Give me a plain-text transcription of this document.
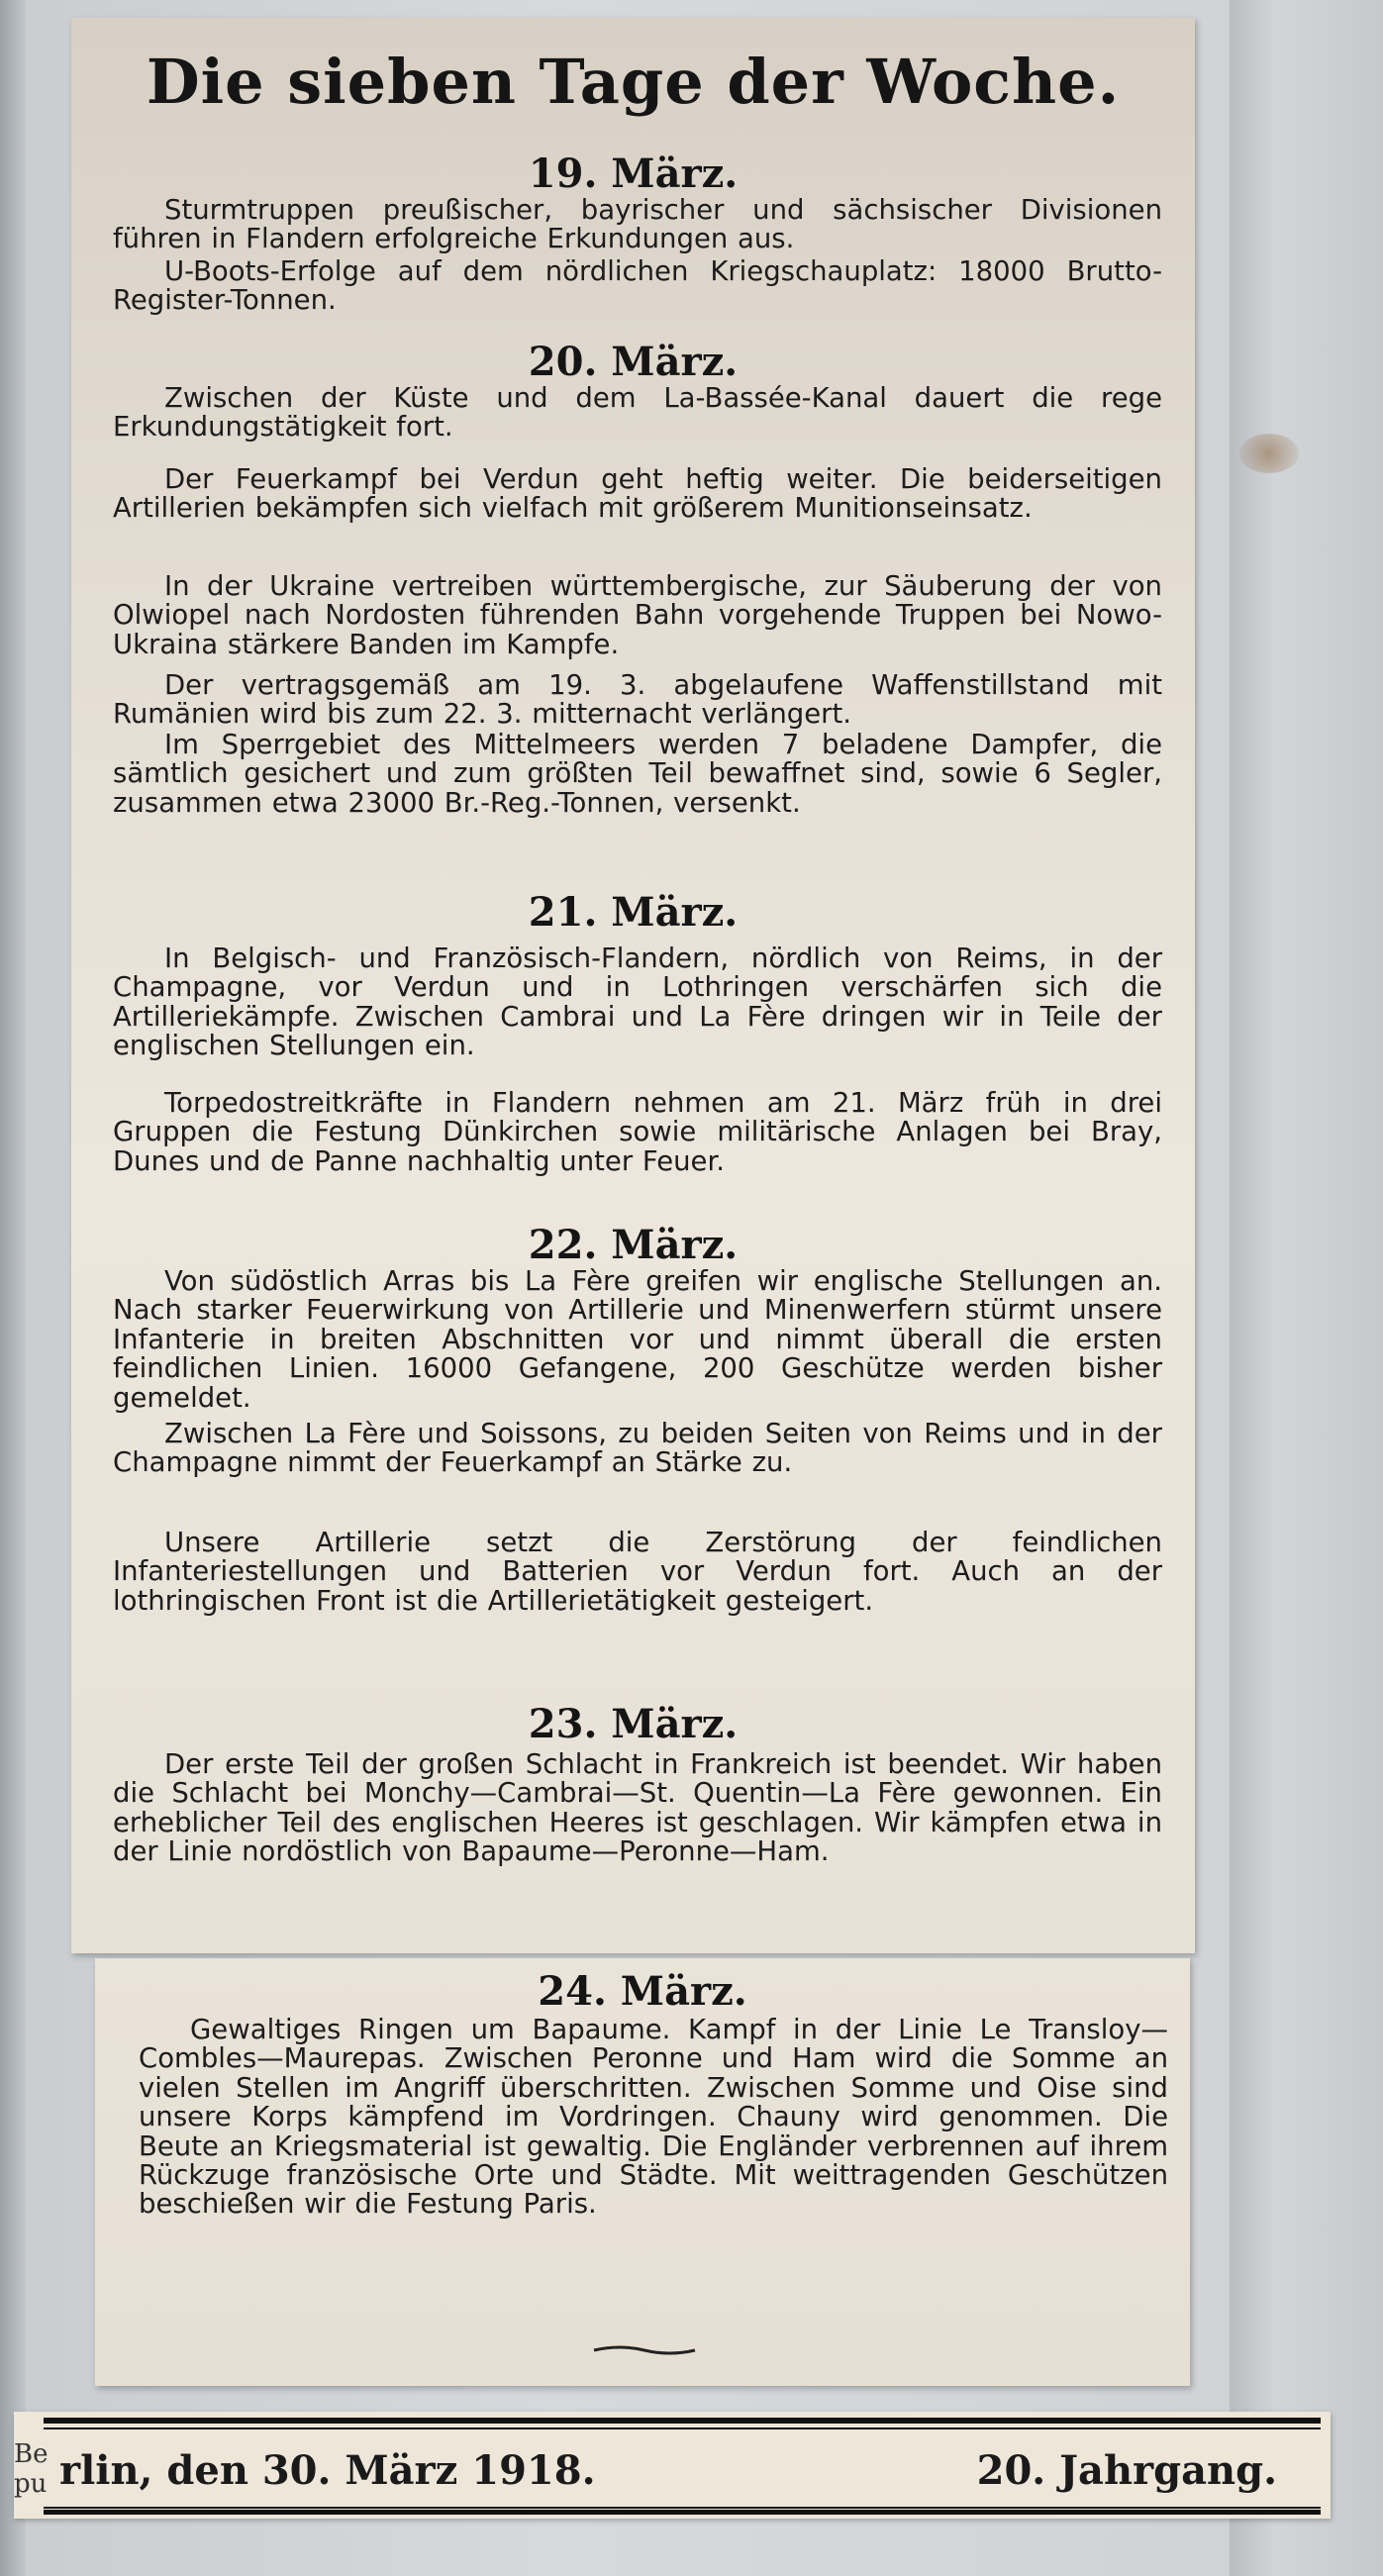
Die sieben Tage der Woche.
19. März.
Sturmtruppen preußischer, bayrischer und sächsischer Divisionen führen in Flandern erfolgreiche Erkundungen aus.
U-Boots-Erfolge auf dem nördlichen Kriegschauplatz: 18000 Brutto-Register-Tonnen.
20. März.
Zwischen der Küste und dem La-Bassée-Kanal dauert die rege Erkundungstätigkeit fort.
Der Feuerkampf bei Verdun geht heftig weiter. Die beiderseitigen Artillerien bekämpfen sich vielfach mit größerem Munitionseinsatz.
In der Ukraine vertreiben württembergische, zur Säuberung der von Olwiopel nach Nordosten führenden Bahn vorgehende Truppen bei Nowo-Ukraina stärkere Banden im Kampfe.
Der vertragsgemäß am 19. 3. abgelaufene Waffenstillstand mit Rumänien wird bis zum 22. 3. mitternacht verlängert.
Im Sperrgebiet des Mittelmeers werden 7 beladene Dampfer, die sämtlich gesichert und zum größten Teil bewaffnet sind, sowie 6 Segler, zusammen etwa 23000 Br.-Reg.-Tonnen, versenkt.
21. März.
In Belgisch- und Französisch-Flandern, nördlich von Reims, in der Champagne, vor Verdun und in Lothringen verschärfen sich die Artilleriekämpfe. Zwischen Cambrai und La Fère dringen wir in Teile der englischen Stellungen ein.
Torpedostreitkräfte in Flandern nehmen am 21. März früh in drei Gruppen die Festung Dünkirchen sowie militärische Anlagen bei Bray, Dunes und de Panne nachhaltig unter Feuer.
22. März.
Von südöstlich Arras bis La Fère greifen wir englische Stellungen an. Nach starker Feuerwirkung von Artillerie und Minenwerfern stürmt unsere Infanterie in breiten Abschnitten vor und nimmt überall die ersten feindlichen Linien. 16000 Gefangene, 200 Geschütze werden bisher gemeldet.
Zwischen La Fère und Soissons, zu beiden Seiten von Reims und in der Champagne nimmt der Feuerkampf an Stärke zu.
Unsere Artillerie setzt die Zerstörung der feindlichen Infanteriestellungen und Batterien vor Verdun fort. Auch an der lothringischen Front ist die Artillerietätigkeit gesteigert.
23. März.
Der erste Teil der großen Schlacht in Frankreich ist beendet. Wir haben die Schlacht bei Monchy—Cambrai—St. Quentin—La Fère gewonnen. Ein erheblicher Teil des englischen Heeres ist geschlagen. Wir kämpfen etwa in der Linie nordöstlich von Bapaume—Peronne—Ham.
24. März.
Gewaltiges Ringen um Bapaume. Kampf in der Linie Le Transloy—Combles—Maurepas. Zwischen Peronne und Ham wird die Somme an vielen Stellen im Angriff überschritten. Zwischen Somme und Oise sind unsere Korps kämpfend im Vordringen. Chauny wird genommen. Die Beute an Kriegsmaterial ist gewaltig. Die Engländer verbrennen auf ihrem Rückzuge französische Orte und Städte. Mit weittragenden Geschützen beschießen wir die Festung Paris.
Be pu rlin, den 30. März 1918.	20. Jahrgang.
